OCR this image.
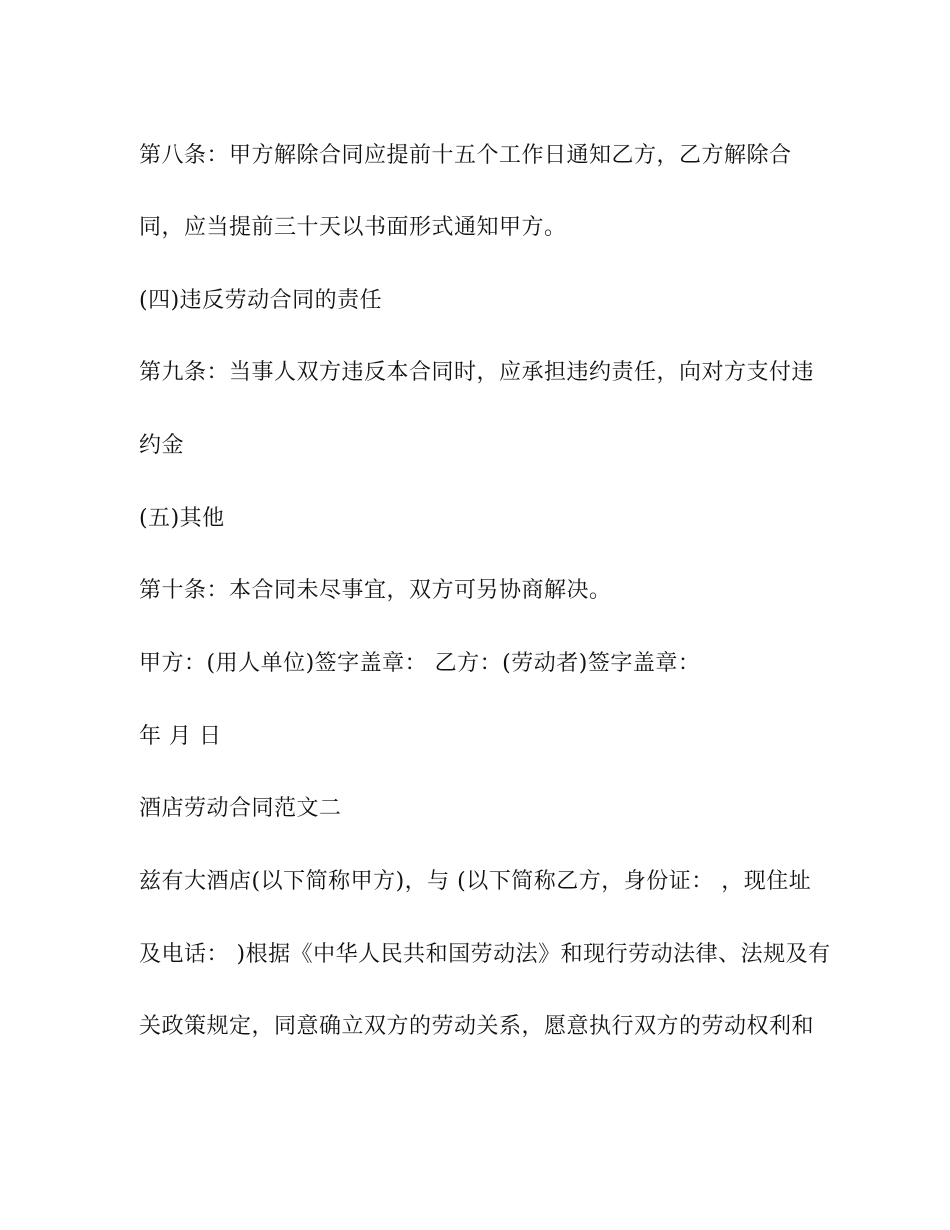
第八条：甲方解除合同应提前十五个工作日通知乙方，乙方解除合
同，应当提前三十天以书面形式通知甲方。
(四)违反劳动合同的责任
第九条：当事人双方违反本合同时，应承担违约责任，向对方支付违
约金
(五)其他
第十条：本合同未尽事宜，双方可另协商解决。
甲方：(用人单位)签字盖章： 乙方：(劳动者)签字盖章：
年 月 日
酒店劳动合同范文二
兹有大酒店(以下简称甲方)，与 (以下简称乙方，身份证： ，现住址
及电话： )根据《中华人民共和国劳动法》和现行劳动法律、法规及有
关政策规定，同意确立双方的劳动关系，愿意执行双方的劳动权利和
